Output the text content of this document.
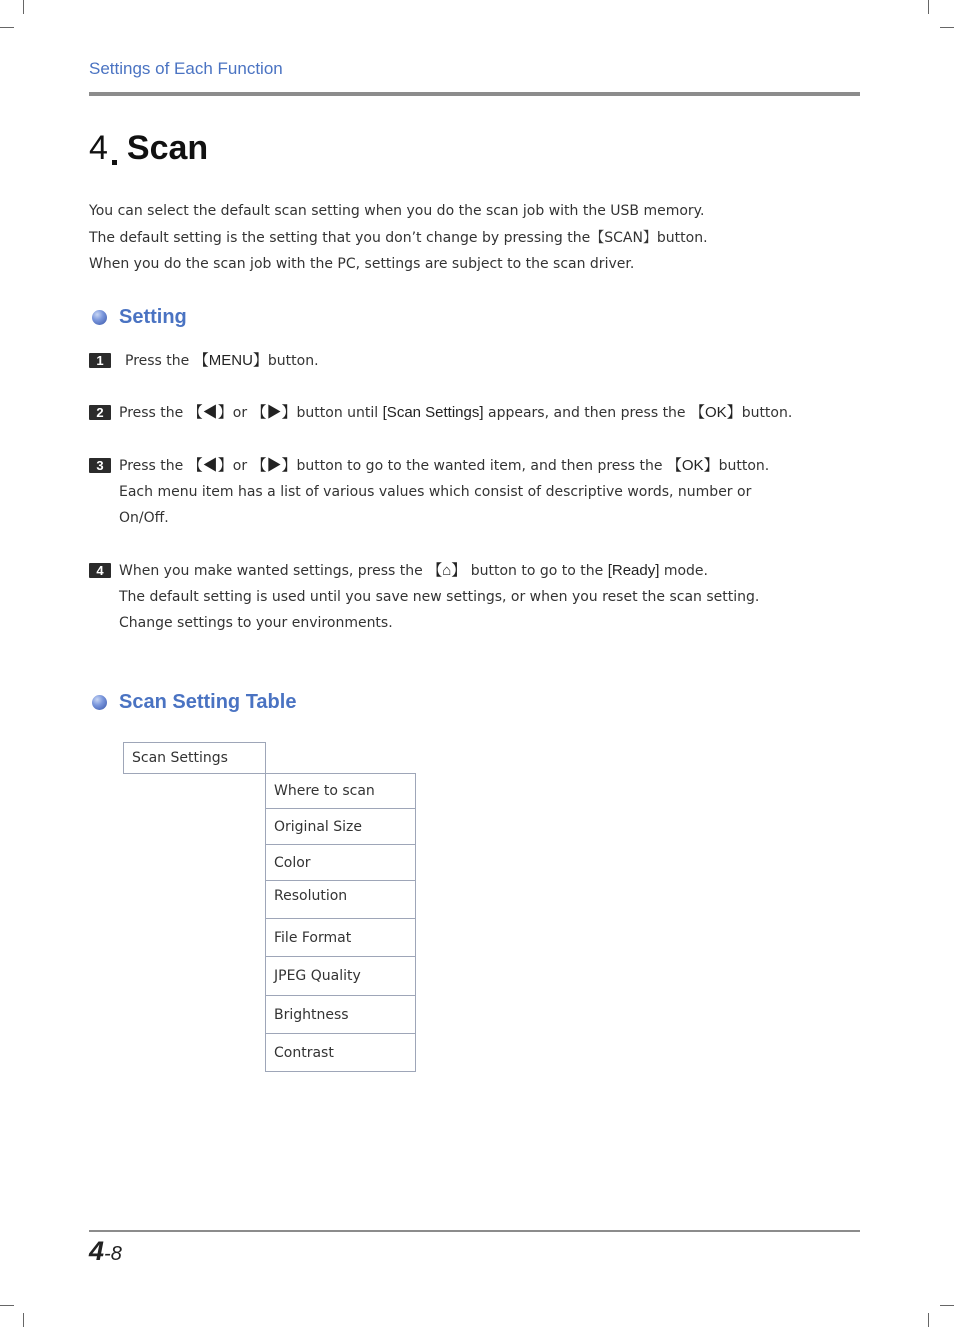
Settings of Each Function
4 Scan

You can select the default scan setting when you do the scan job with the USB memory.

The default setting is the setting that you don’t change by pressing the【SCAN】button.

When you do the scan job with the PC, settings are subject to the scan driver.

Setting
1	Press the 【MENU】button.
2	Press the 【◀】or 【▶】button until [Scan Settings] appears, and then press the 【OK】button.
3	Press the 【◀】or 【▶】button to go to the wanted item, and then press the 【OK】button.
Each menu item has a list of various values which consist of descriptive words, number or
On/Off.
4	When you make wanted settings, press the 【⌂】 button to go to the [Ready] mode.
The default setting is used until you save new settings, or when you reset the scan setting.
Change settings to your environments.
Scan Setting Table
Scan Settings
Where to scan
Original Size
Color
Resolution
File Format
JPEG Quality
Brightness
Contrast
4-8
